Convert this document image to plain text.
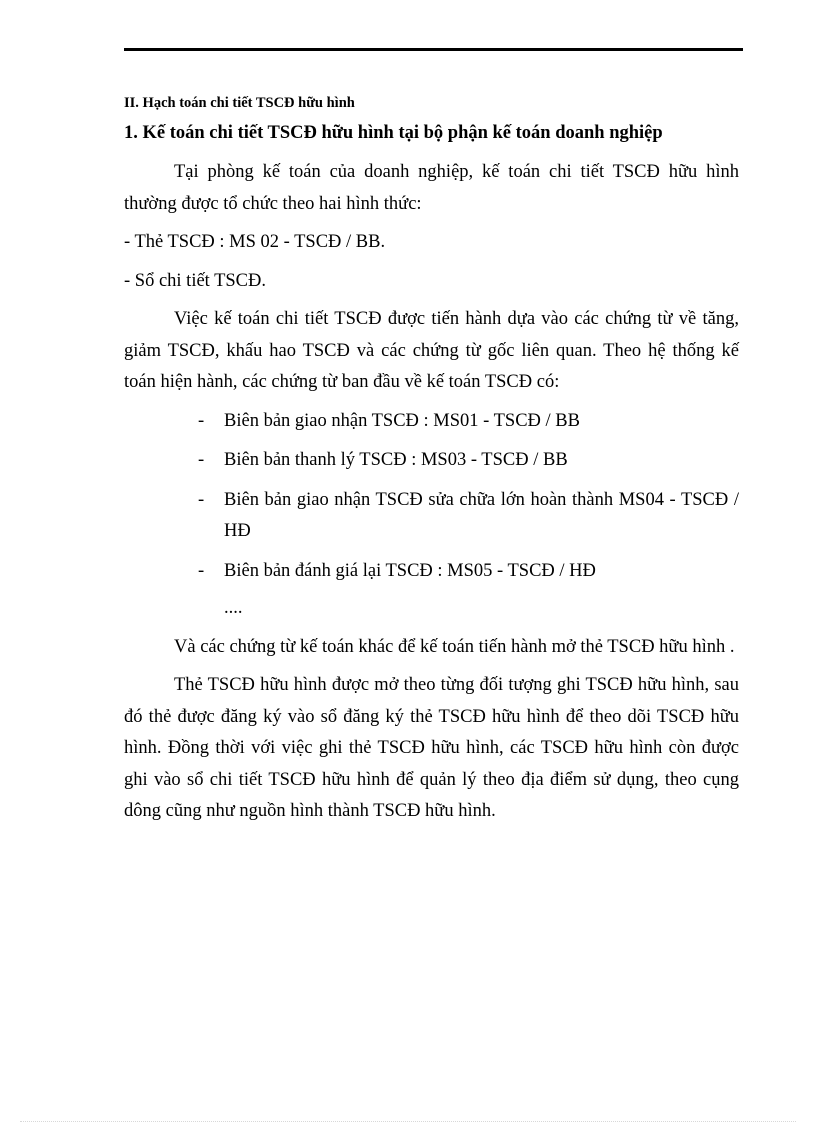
II. Hạch toán chi tiết TSCĐ hữu hình
1. Kế toán chi tiết TSCĐ hữu hình tại bộ phận kế toán doanh nghiệp

Tại phòng kế toán của doanh nghiệp, kế toán chi tiết TSCĐ hữu hình thường được tổ chức theo hai hình thức:

- Thẻ TSCĐ : MS 02 - TSCĐ / BB.

- Sổ chi tiết TSCĐ.

Việc kế toán chi tiết TSCĐ được tiến hành dựa vào các chứng từ về tăng, giảm TSCĐ, khấu hao TSCĐ và các chứng từ gốc liên quan. Theo hệ thống kế toán hiện hành, các chứng từ ban đầu về kế toán TSCĐ có:

- Biên bản giao nhận TSCĐ : MS01 - TSCĐ / BB
- Biên bản thanh lý TSCĐ : MS03 - TSCĐ / BB
- Biên bản giao nhận TSCĐ sửa chữa lớn hoàn thành MS04 - TSCĐ / HĐ
- Biên bản đánh giá lại TSCĐ : MS05 - TSCĐ / HĐ
....

Và các chứng từ kế toán khác để kế toán tiến hành mở thẻ TSCĐ hữu hình .

Thẻ TSCĐ hữu hình được mở theo từng đối tượng ghi TSCĐ hữu hình, sau đó thẻ được đăng ký vào sổ đăng ký thẻ TSCĐ hữu hình để theo dõi TSCĐ hữu hình. Đồng thời với việc ghi thẻ TSCĐ hữu hình, các TSCĐ hữu hình còn được ghi vào sổ chi tiết TSCĐ hữu hình để quản lý theo địa điểm sử dụng, theo cụng dông cũng như nguồn hình thành TSCĐ hữu hình.
